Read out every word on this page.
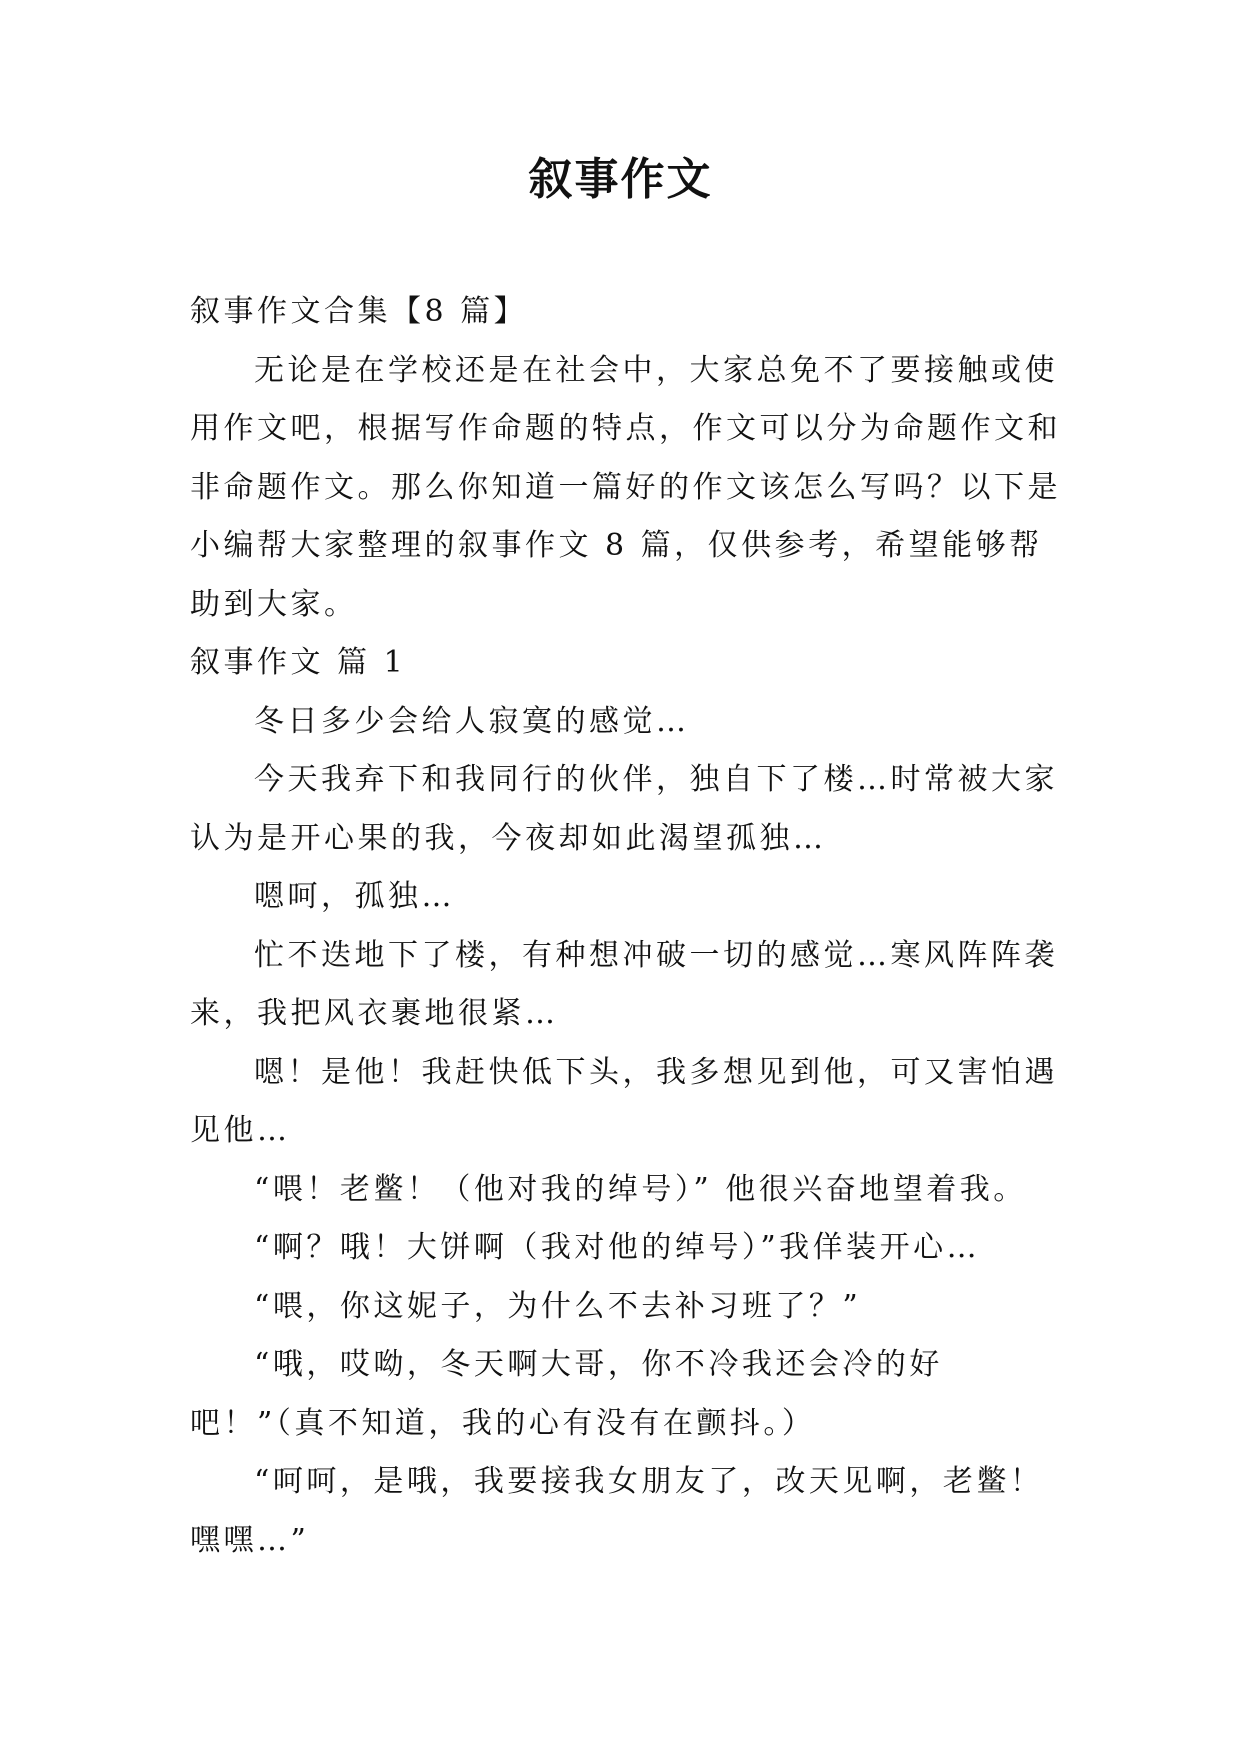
叙事作文

叙事作文合集【8 篇】

无论是在学校还是在社会中，大家总免不了要接触或使用作文吧，根据写作命题的特点，作文可以分为命题作文和非命题作文。那么你知道一篇好的作文该怎么写吗？以下是小编帮大家整理的叙事作文 8 篇，仅供参考，希望能够帮助到大家。

叙事作文 篇 1

冬日多少会给人寂寞的感觉…

今天我弃下和我同行的伙伴，独自下了楼…时常被大家认为是开心果的我，今夜却如此渴望孤独…

嗯呵，孤独…

忙不迭地下了楼，有种想冲破一切的感觉…寒风阵阵袭来，我把风衣裹地很紧…

嗯！是他！我赶快低下头，我多想见到他，可又害怕遇见他…

“喂！老鳖！（他对我的绰号）” 他很兴奋地望着我。

“啊？哦！大饼啊（我对他的绰号）”我佯装开心…

“喂，你这妮子，为什么不去补习班了？”

“哦，哎呦，冬天啊大哥，你不冷我还会冷的好吧！”（真不知道，我的心有没有在颤抖。）

“呵呵，是哦，我要接我女朋友了，改天见啊，老鳖！嘿嘿…”
